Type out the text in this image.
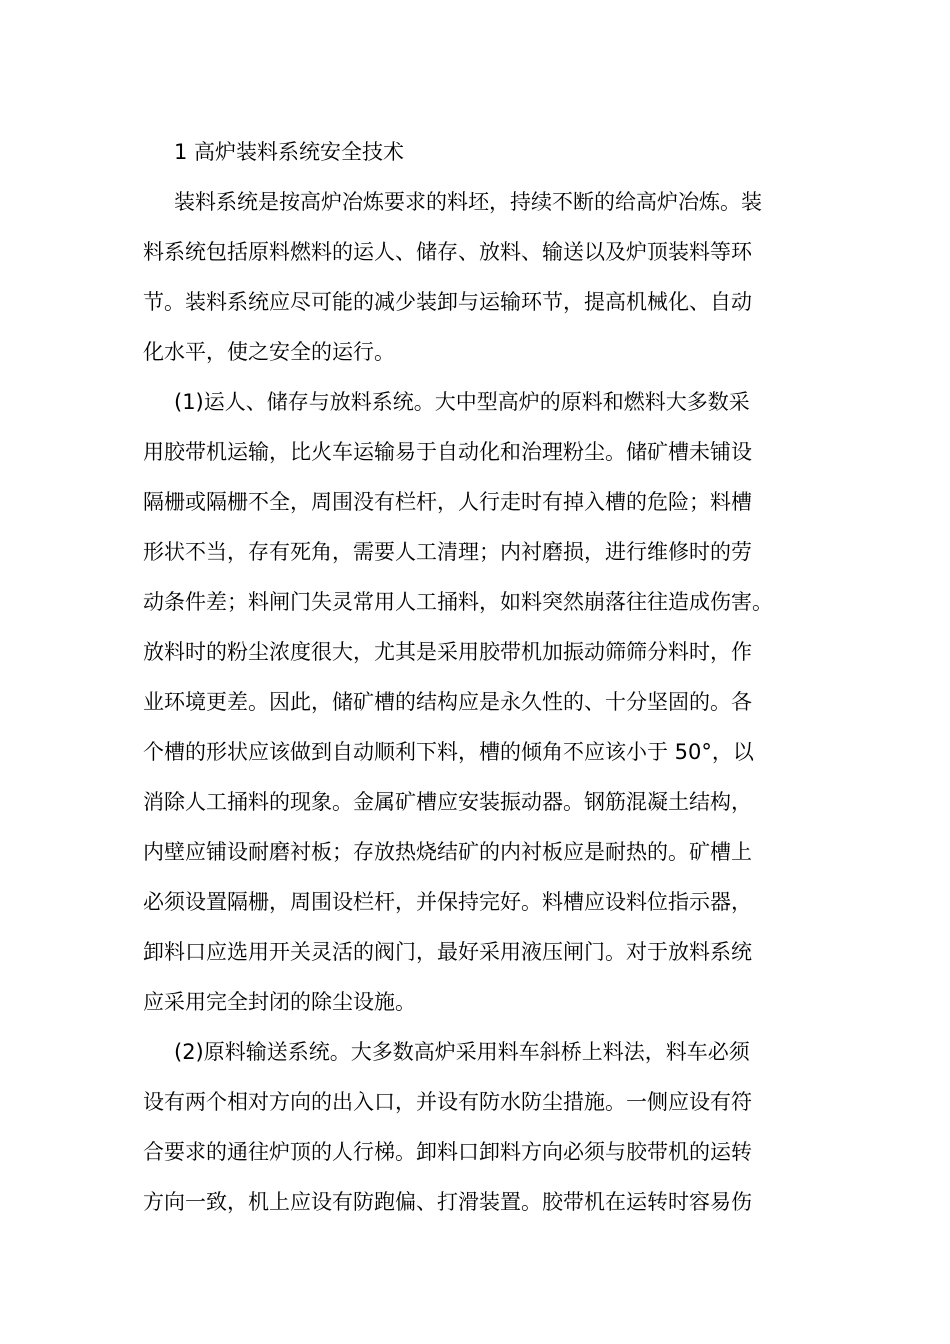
1 高炉装料系统安全技术
装料系统是按高炉冶炼要求的料坯，持续不断的给高炉冶炼。装
料系统包括原料燃料的运人、储存、放料、输送以及炉顶装料等环
节。装料系统应尽可能的减少装卸与运输环节，提高机械化、自动
化水平，使之安全的运行。
(1)运人、储存与放料系统。大中型高炉的原料和燃料大多数采
用胶带机运输，比火车运输易于自动化和治理粉尘。储矿槽未铺设
隔栅或隔栅不全，周围没有栏杆，人行走时有掉入槽的危险；料槽
形状不当，存有死角，需要人工清理；内衬磨损，进行维修时的劳
动条件差；料闸门失灵常用人工捅料，如料突然崩落往往造成伤害。
放料时的粉尘浓度很大，尤其是采用胶带机加振动筛筛分料时，作
业环境更差。因此，储矿槽的结构应是永久性的、十分坚固的。各
个槽的形状应该做到自动顺利下料，槽的倾角不应该小于 50°，以
消除人工捅料的现象。金属矿槽应安装振动器。钢筋混凝土结构，
内壁应铺设耐磨衬板；存放热烧结矿的内衬板应是耐热的。矿槽上
必须设置隔栅，周围设栏杆，并保持完好。料槽应设料位指示器，
卸料口应选用开关灵活的阀门，最好采用液压闸门。对于放料系统
应采用完全封闭的除尘设施。
(2)原料输送系统。大多数高炉采用料车斜桥上料法，料车必须
设有两个相对方向的出入口，并设有防水防尘措施。一侧应设有符
合要求的通往炉顶的人行梯。卸料口卸料方向必须与胶带机的运转
方向一致，机上应设有防跑偏、打滑装置。胶带机在运转时容易伤
